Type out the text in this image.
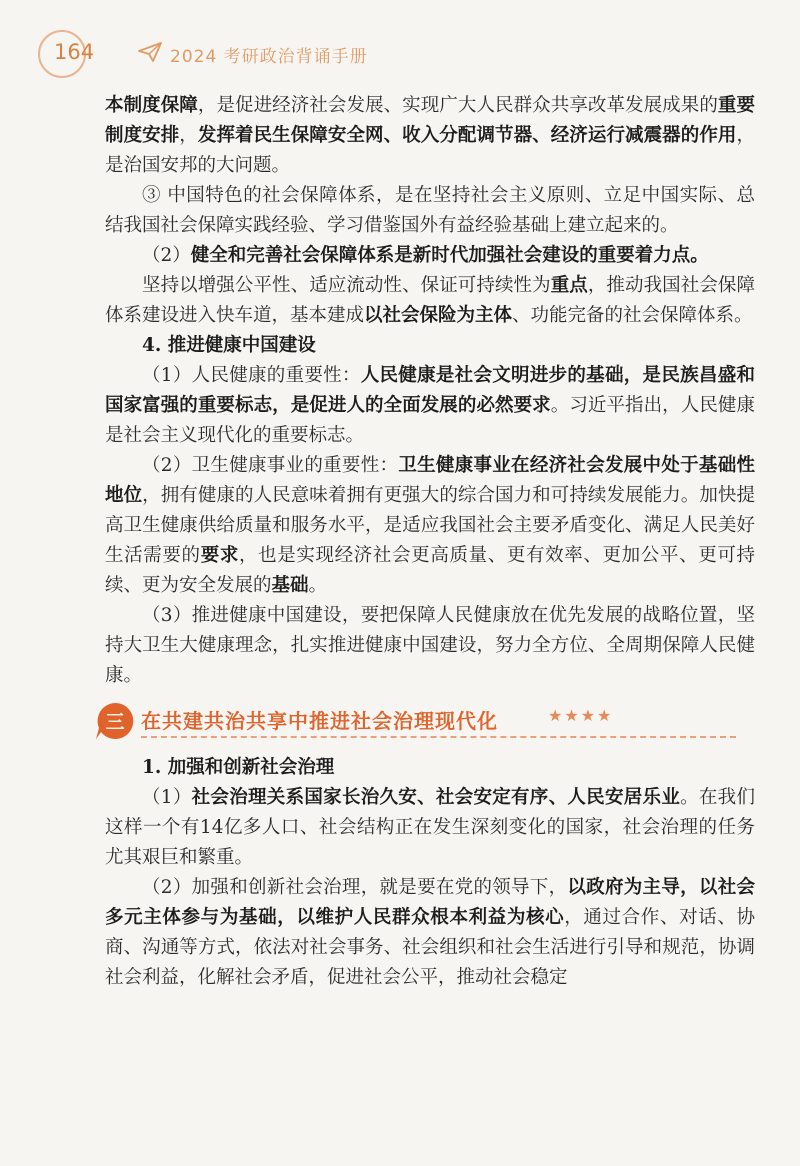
164	2024 考研政治背诵手册

本制度保障，是促进经济社会发展、实现广大人民群众共享改革发展成果的重要制度安排，发挥着民生保障安全网、收入分配调节器、经济运行减震器的作用，是治国安邦的大问题。

③ 中国特色的社会保障体系，是在坚持社会主义原则、立足中国实际、总结我国社会保障实践经验、学习借鉴国外有益经验基础上建立起来的。

（2）健全和完善社会保障体系是新时代加强社会建设的重要着力点。

坚持以增强公平性、适应流动性、保证可持续性为重点，推动我国社会保障体系建设进入快车道，基本建成以社会保险为主体、功能完备的社会保障体系。

4. 推进健康中国建设

（1）人民健康的重要性：人民健康是社会文明进步的基础，是民族昌盛和国家富强的重要标志，是促进人的全面发展的必然要求。习近平指出，人民健康是社会主义现代化的重要标志。

（2）卫生健康事业的重要性：卫生健康事业在经济社会发展中处于基础性地位，拥有健康的人民意味着拥有更强大的综合国力和可持续发展能力。加快提高卫生健康供给质量和服务水平，是适应我国社会主要矛盾变化、满足人民美好生活需要的要求，也是实现经济社会更高质量、更有效率、更加公平、更可持续、更为安全发展的基础。

（3）推进健康中国建设，要把保障人民健康放在优先发展的战略位置，坚持大卫生大健康理念，扎实推进健康中国建设，努力全方位、全周期保障人民健康。

三 在共建共治共享中推进社会治理现代化	★★★★

1. 加强和创新社会治理

（1）社会治理关系国家长治久安、社会安定有序、人民安居乐业。在我们这样一个有14亿多人口、社会结构正在发生深刻变化的国家，社会治理的任务尤其艰巨和繁重。

（2）加强和创新社会治理，就是要在党的领导下，以政府为主导，以社会多元主体参与为基础，以维护人民群众根本利益为核心，通过合作、对话、协商、沟通等方式，依法对社会事务、社会组织和社会生活进行引导和规范，协调社会利益，化解社会矛盾，促进社会公平，推动社会稳定
